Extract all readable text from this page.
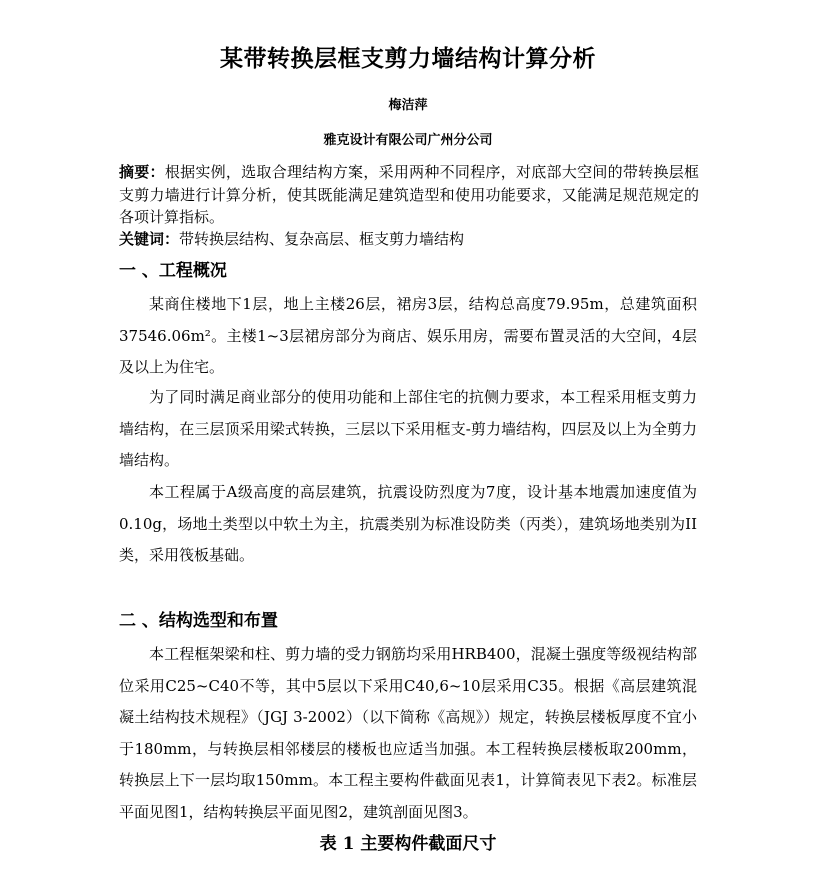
某带转换层框支剪力墙结构计算分析
梅洁萍
雅克设计有限公司广州分公司
摘要：根据实例，选取合理结构方案，采用两种不同程序，对底部大空间的带转换层框支剪力墙进行计算分析，使其既能满足建筑造型和使用功能要求，又能满足规范规定的各项计算指标。
关键词：带转换层结构、复杂高层、框支剪力墙结构
一 、工程概况
某商住楼地下1层，地上主楼26层，裙房3层，结构总高度79.95m，总建筑面积37546.06m²。主楼1~3层裙房部分为商店、娱乐用房，需要布置灵活的大空间，4层及以上为住宅。
为了同时满足商业部分的使用功能和上部住宅的抗侧力要求，本工程采用框支剪力墙结构，在三层顶采用梁式转换，三层以下采用框支-剪力墙结构，四层及以上为全剪力墙结构。
本工程属于A级高度的高层建筑，抗震设防烈度为7度，设计基本地震加速度值为0.10g，场地土类型以中软土为主，抗震类别为标准设防类（丙类），建筑场地类别为II类，采用筏板基础。
二 、结构选型和布置
本工程框架梁和柱、剪力墙的受力钢筋均采用HRB400，混凝土强度等级视结构部位采用C25~C40不等，其中5层以下采用C40,6~10层采用C35。根据《高层建筑混凝土结构技术规程》（JGJ 3-2002）（以下简称《高规》）规定，转换层楼板厚度不宜小于180mm，与转换层相邻楼层的楼板也应适当加强。本工程转换层楼板取200mm，转换层上下一层均取150mm。本工程主要构件截面见表1，计算简表见下表2。标准层平面见图1，结构转换层平面见图2，建筑剖面见图3。
表 1 主要构件截面尺寸
